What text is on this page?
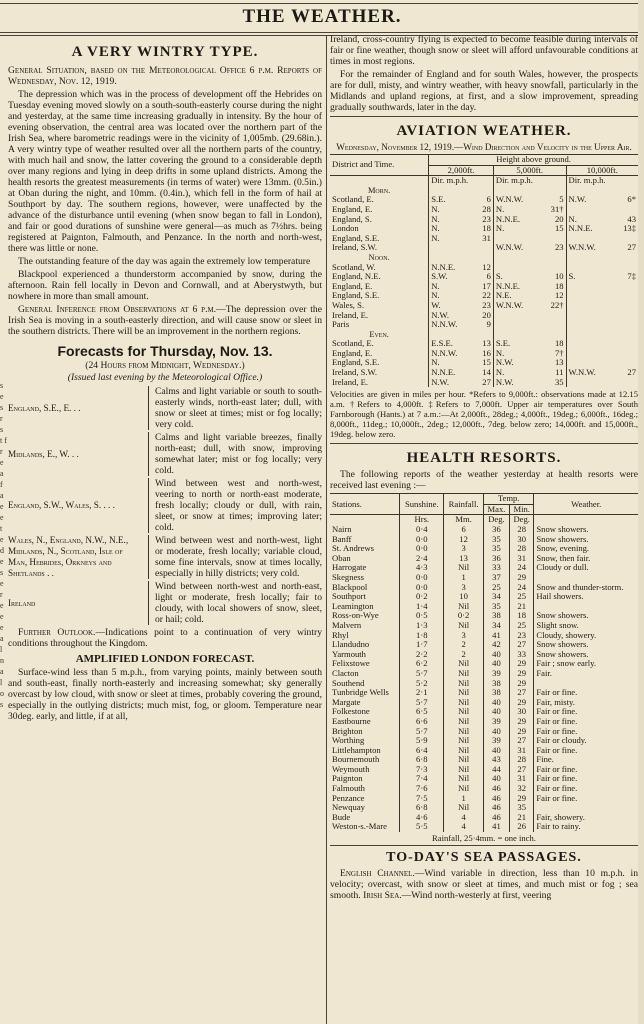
THE WEATHER.
s e s r s t f r e a f a e e t e d e s e r e e e a l n a l o s
A VERY WINTRY TYPE.

General Situation, based on the Meteorological Office 6 p.m. Reports of Wednesday, Nov. 12, 1919.

The depression which was in the process of development off the Hebrides on Tuesday evening moved slowly on a south-south-easterly course during the night and yesterday, at the same time increasing gradually in intensity. By the hour of evening observation, the central area was located over the northern part of the Irish Sea, where barometric readings were in the vicinity of 1,005mb. (29.68in.). A very wintry type of weather resulted over all the northern parts of the country, with much hail and snow, the latter covering the ground to a considerable depth over many regions and lying in deep drifts in some upland districts. Among the health resorts the greatest measurements (in terms of water) were 13mm. (0.5in.) at Oban during the night, and 10mm. (0.4in.), which fell in the form of hail at Southport by day. The southern regions, however, were unaffected by the advance of the disturbance until evening (when snow began to fall in London), and fair or good durations of sunshine were general—as much as 7½hrs. being registered at Paignton, Falmouth, and Penzance. In the north and north-west, there was little or none.

The outstanding feature of the day was again the extremely low temperature

Blackpool experienced a thunderstorm accompanied by snow, during the afternoon. Rain fell locally in Devon and Cornwall, and at Aberystwyth, but nowhere in more than small amount.

General Inference from Observations at 6 p.m.—The depression over the Irish Sea is moving in a south-easterly direction, and will cause snow or sleet in the southern districts. There will be an improvement in the northern regions.

Forecasts for Thursday, Nov. 13.
(24 Hours from Midnight, Wednesday.)
(Issued last evening by the Meteorological Office.)
England, S.E., E. . .
Calms and light variable or south to south-easterly winds, north-east later; dull, with snow or sleet at times; mist or fog locally; very cold.
Midlands, E., W. . .
Calms and light variable breezes, finally north-east; dull, with snow, improving somewhat later; mist or fog locally; very cold.
England, S.W., Wales, S. . . .
Wind between west and north-west, veering to north or north-east moderate, fresh locally; cloudy or dull, with rain, sleet, or snow at times; improving later; cold.
Wales, N., England, N.W., N.E., Midlands, N., Scotland, Isle of Man, Hebrides, Orkneys and Shetlands . .
Wind between west and north-west, light or moderate, fresh locally; variable cloud, some fine intervals, snow at times locally, especially in hilly districts; very cold.
Ireland
Wind between north-west and north-east, light or moderate, fresh locally; fair to cloudy, with local showers of snow, sleet, or hail; cold.

Further Outlook.—Indications point to a continuation of very wintry conditions throughout the Kingdom.

AMPLIFIED LONDON FORECAST.

Surface-wind less than 5 m.p.h., from varying points, mainly between south and south-east, finally north-easterly and increasing somewhat; sky generally overcast by low cloud, with snow or sleet at times, probably covering the ground, especially in the outlying districts; much mist, fog, or gloom. Temperature near 30deg. early, and little, if at all,

Ireland, cross-country flying is expected to become feasible during intervals of fair or fine weather, though snow or sleet will afford unfavourable conditions at times in most regions.

For the remainder of England and for south Wales, however, the prospects are for dull, misty, and wintry weather, with heavy snowfall, particularly in the Midlands and upland regions, at first, and a slow improvement, spreading gradually southwards, later in the day.

AVIATION WEATHER.
Wednesday, November 12, 1919.—Wind Direction and Velocity in the Upper Air.
District and Time.	Height above ground.					
	2,000ft.		5,000ft.		10,000ft.	
	Dir. m.p.h.		Dir. m.p.h.		Dir. m.p.h.	
Morn.						
Scotland, E.	S.E.	6	W.N.W.	5	N.W.	6*
England, E.	N.	28	N.	31†		
England, S.	N.	23	N.N.E.	20	N.	43
London	N.	18	N.	15	N.N.E.	13‡
England, S.E.	N.	31				
Ireland, S.W.			W.N.W.	23	W.N.W.	27
Noon.						
Scotland, W.	N.N.E.	12				
England, N.E.	S.W.	6	S.	10	S.	7‡
England, E.	N.	17	N.N.E.	18		
England, S.E.	N.	22	N.E.	12		
Wales, S.	W.	23	W.N.W.	22†		
Ireland, E.	N.W.	20				
Paris	N.N.W.	9				
Even.						
Scotland, E.	E.S.E.	13	S.E.	18		
England, E.	N.N.W.	16	N.	7†		
England, S.E.	N.	15	N.W.	13		
Ireland, S.W.	N.N.E.	14	N.	11	W.N.W.	27
Ireland, E.	N.W.	27	N.W.	35		
Velocities are given in miles per hour. *Refers to 9,000ft.: observations made at 12.15 a.m. †Refers to 4,000ft. ‡Refers to 7,000ft. Upper air temperatures over South Farnborough (Hants.) at 7 a.m.:—At 2,000ft., 28deg.; 4,000ft., 19deg.; 6,000ft., 16deg.; 8,000ft., 11deg.; 10,000ft., 2deg.; 12,000ft., 7deg. below zero; 14,000ft. and 15,000ft., 19deg. below zero.
HEALTH RESORTS.

The following reports of the weather yesterday at health resorts were received last evening :—

Stations.	Sunshine.	Rainfall.	Temp.		Weather.
			Max.	Min.	
	Hrs.	Mm.	Deg.	Deg.	
Nairn	0·4	6	36	28	Snow showers.
Banff	0·0	12	35	30	Snow showers.
St. Andrews	0·0	3	35	28	Snow, evening.
Oban	2·4	13	36	31	Snow, then fair.
Harrogate	4·3	Nil	33	24	Cloudy or dull.
Skegness	0·0	1	37	29	
Blackpool	0·0	3	25	24	Snow and thunder-storm.
Southport	0·2	10	34	25	Hail showers.
Leamington	1·4	Nil	35	21	
Ross-on-Wye	0·5	0·2	38	18	Snow showers.
Malvern	1·3	Nil	34	25	Slight snow.
Rhyl	1·8	3	41	23	Cloudy, showery.
Llandudno	1·7	2	42	27	Snow showers.
Yarmouth	2·2	2	40	33	Snow showers.
Felixstowe	6·2	Nil	40	29	Fair ; snow early.
Clacton	5·7	Nil	39	29	Fair.
Southend	5·2	Nil	38	29	
Tunbridge Wells	2·1	Nil	38	27	Fair or fine.
Margate	5·7	Nil	40	29	Fair, misty.
Folkestone	6·5	Nil	40	30	Fair or fine.
Eastbourne	6·6	Nil	39	29	Fair or fine.
Brighton	5·7	Nil	40	29	Fair or fine.
Worthing	5·9	Nil	39	27	Fair or cloudy.
Littlehampton	6·4	Nil	40	31	Fair or fine.
Bournemouth	6·8	Nil	43	28	Fine.
Weymouth	7·3	Nil	44	27	Fair or fine.
Paignton	7·4	Nil	40	31	Fair or fine.
Falmouth	7·6	Nil	46	32	Fair or fine.
Penzance	7·5	1	46	29	Fair or fine.
Newquay	6·8	Nil	46	35	
Bude	4·6	4	46	21	Fair, showery.
Weston-s.-Mare	5·5	4	41	26	Fair to rainy.
Rainfall, 25·4mm. = one inch.
TO-DAY'S SEA PASSAGES.

English Channel.—Wind variable in direction, less than 10 m.p.h. in velocity; overcast, with snow or sleet at times, and much mist or fog ; sea smooth. Irish Sea.—Wind north-westerly at first, veering
